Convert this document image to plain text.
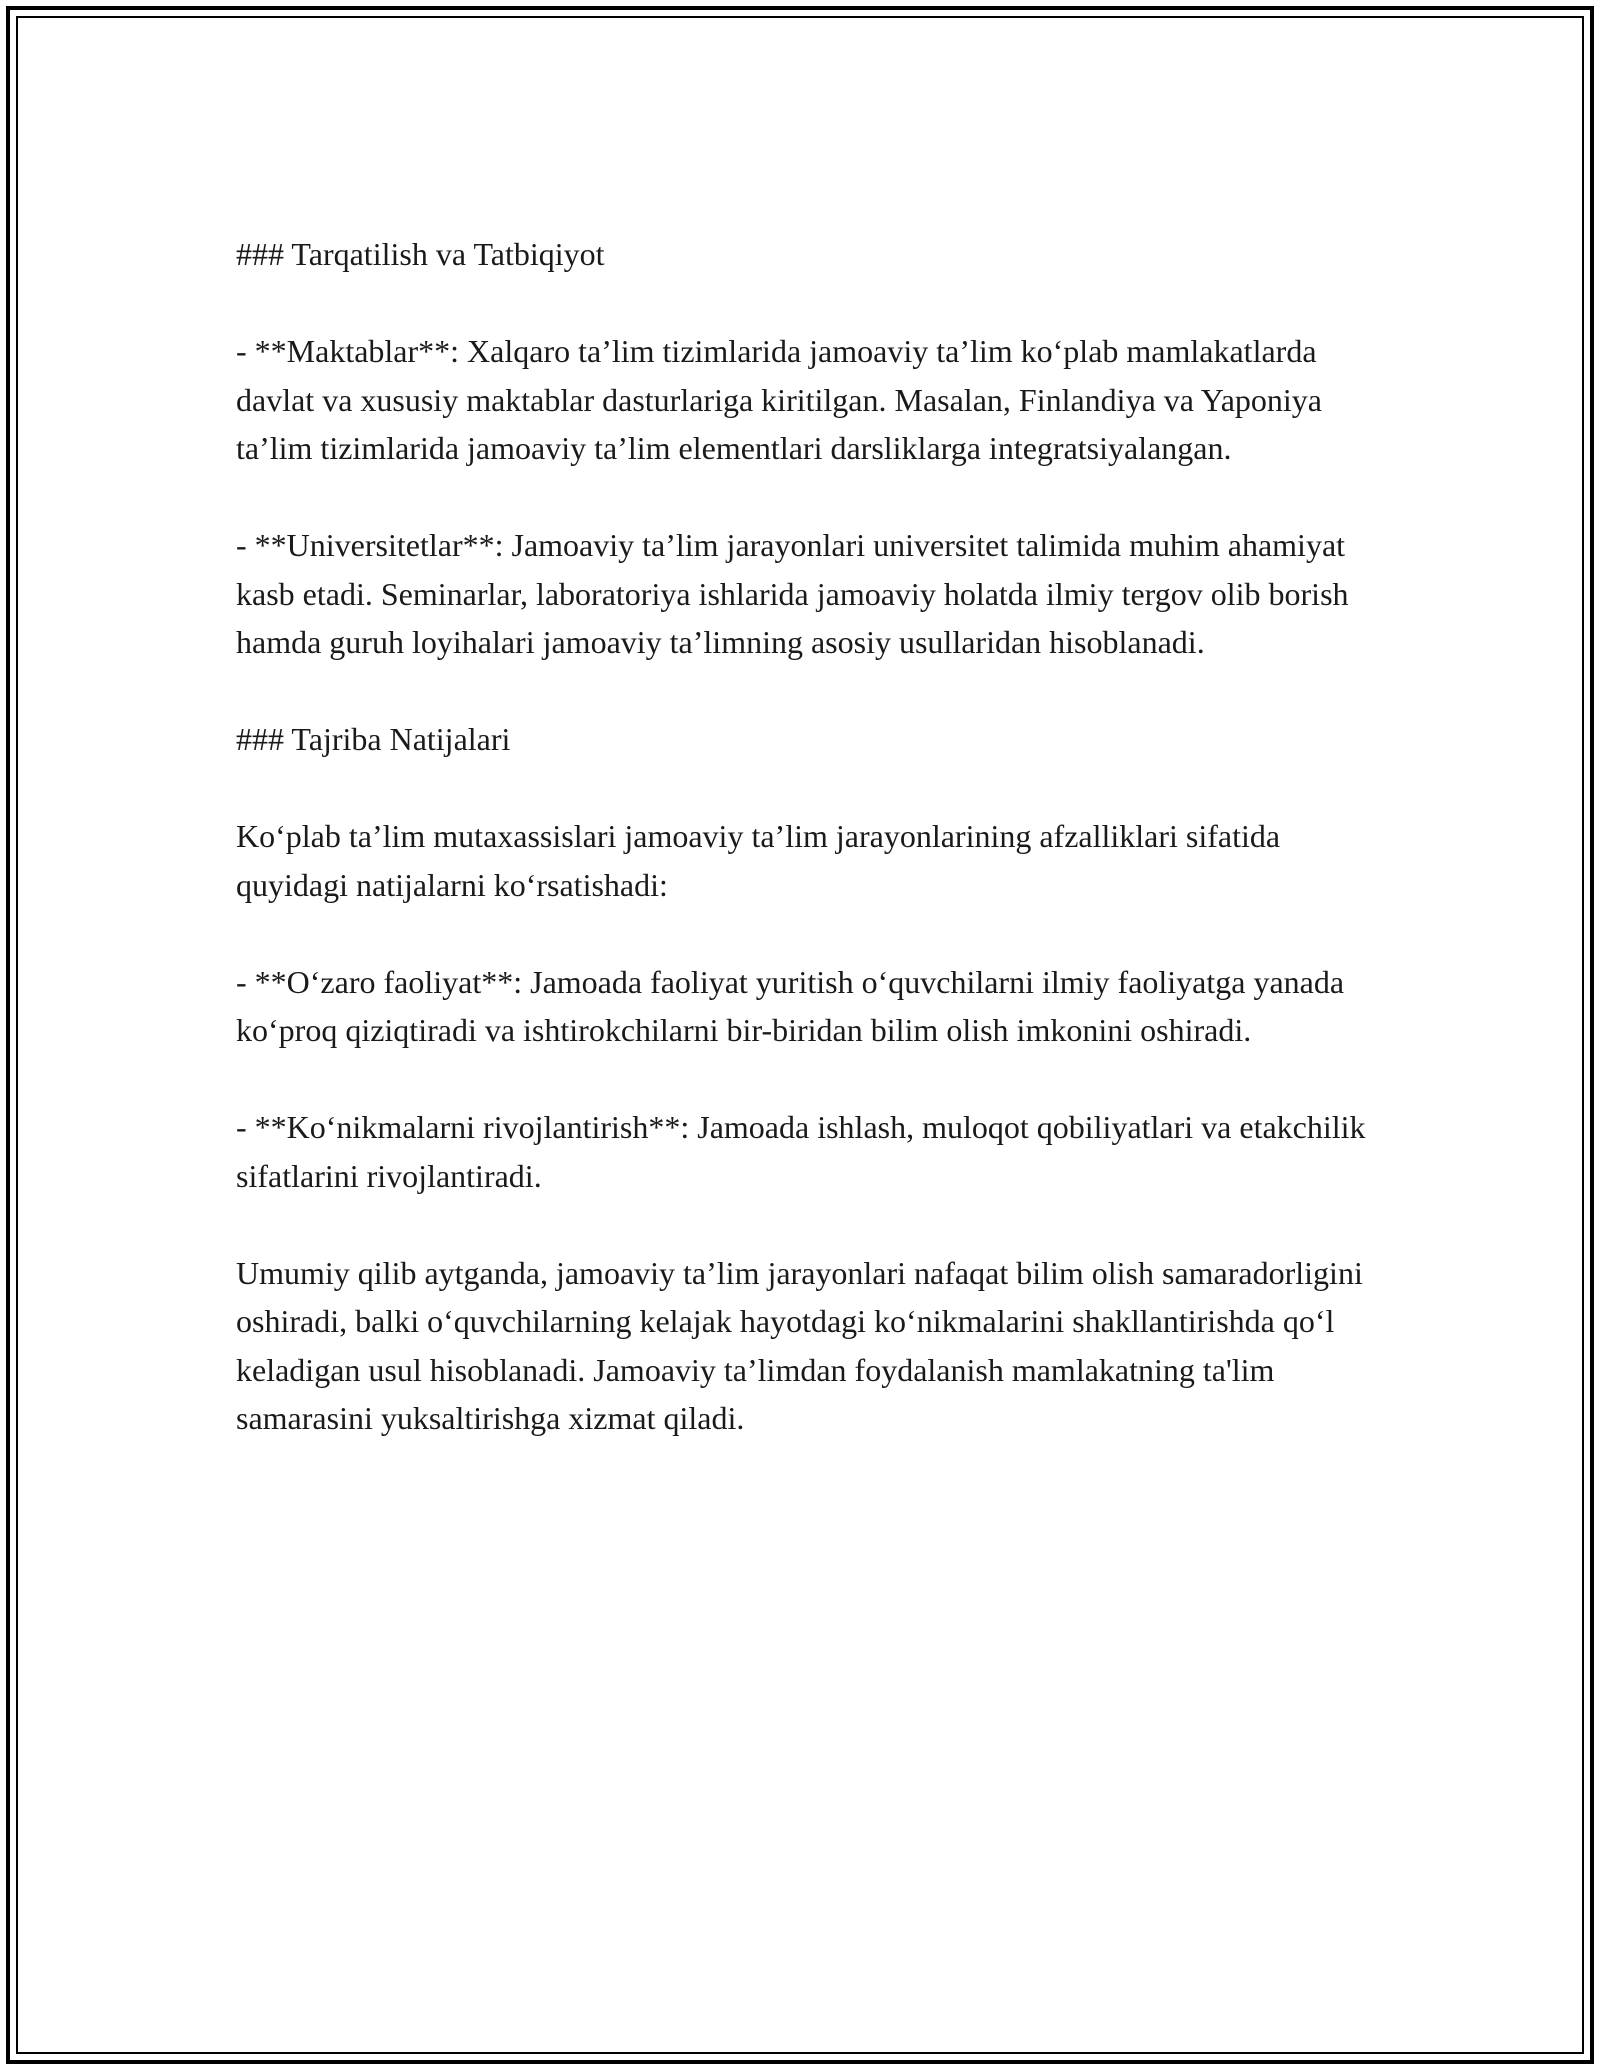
### Tarqatilish va Tatbiqiyot

- **Maktablar**: Xalqaro ta’lim tizimlarida jamoaviy ta’lim ko‘plab mamlakatlarda davlat va xususiy maktablar dasturlariga kiritilgan. Masalan, Finlandiya va Yaponiya ta’lim tizimlarida jamoaviy ta’lim elementlari darsliklarga integratsiyalangan.

- **Universitetlar**: Jamoaviy ta’lim jarayonlari universitet talimida muhim ahamiyat kasb etadi. Seminarlar, laboratoriya ishlarida jamoaviy holatda ilmiy tergov olib borish hamda guruh loyihalari jamoaviy ta’limning asosiy usullaridan hisoblanadi.

### Tajriba Natijalari

Ko‘plab ta’lim mutaxassislari jamoaviy ta’lim jarayonlarining afzalliklari sifatida quyidagi natijalarni ko‘rsatishadi:

- **O‘zaro faoliyat**: Jamoada faoliyat yuritish o‘quvchilarni ilmiy faoliyatga yanada ko‘proq qiziqtiradi va ishtirokchilarni bir-biridan bilim olish imkonini oshiradi.

- **Ko‘nikmalarni rivojlantirish**: Jamoada ishlash, muloqot qobiliyatlari va etakchilik sifatlarini rivojlantiradi.

Umumiy qilib aytganda, jamoaviy ta’lim jarayonlari nafaqat bilim olish samaradorligini oshiradi, balki o‘quvchilarning kelajak hayotdagi ko‘nikmalarini shakllantirishda qo‘l keladigan usul hisoblanadi. Jamoaviy ta’limdan foydalanish mamlakatning ta'lim samarasini yuksaltirishga xizmat qiladi.
